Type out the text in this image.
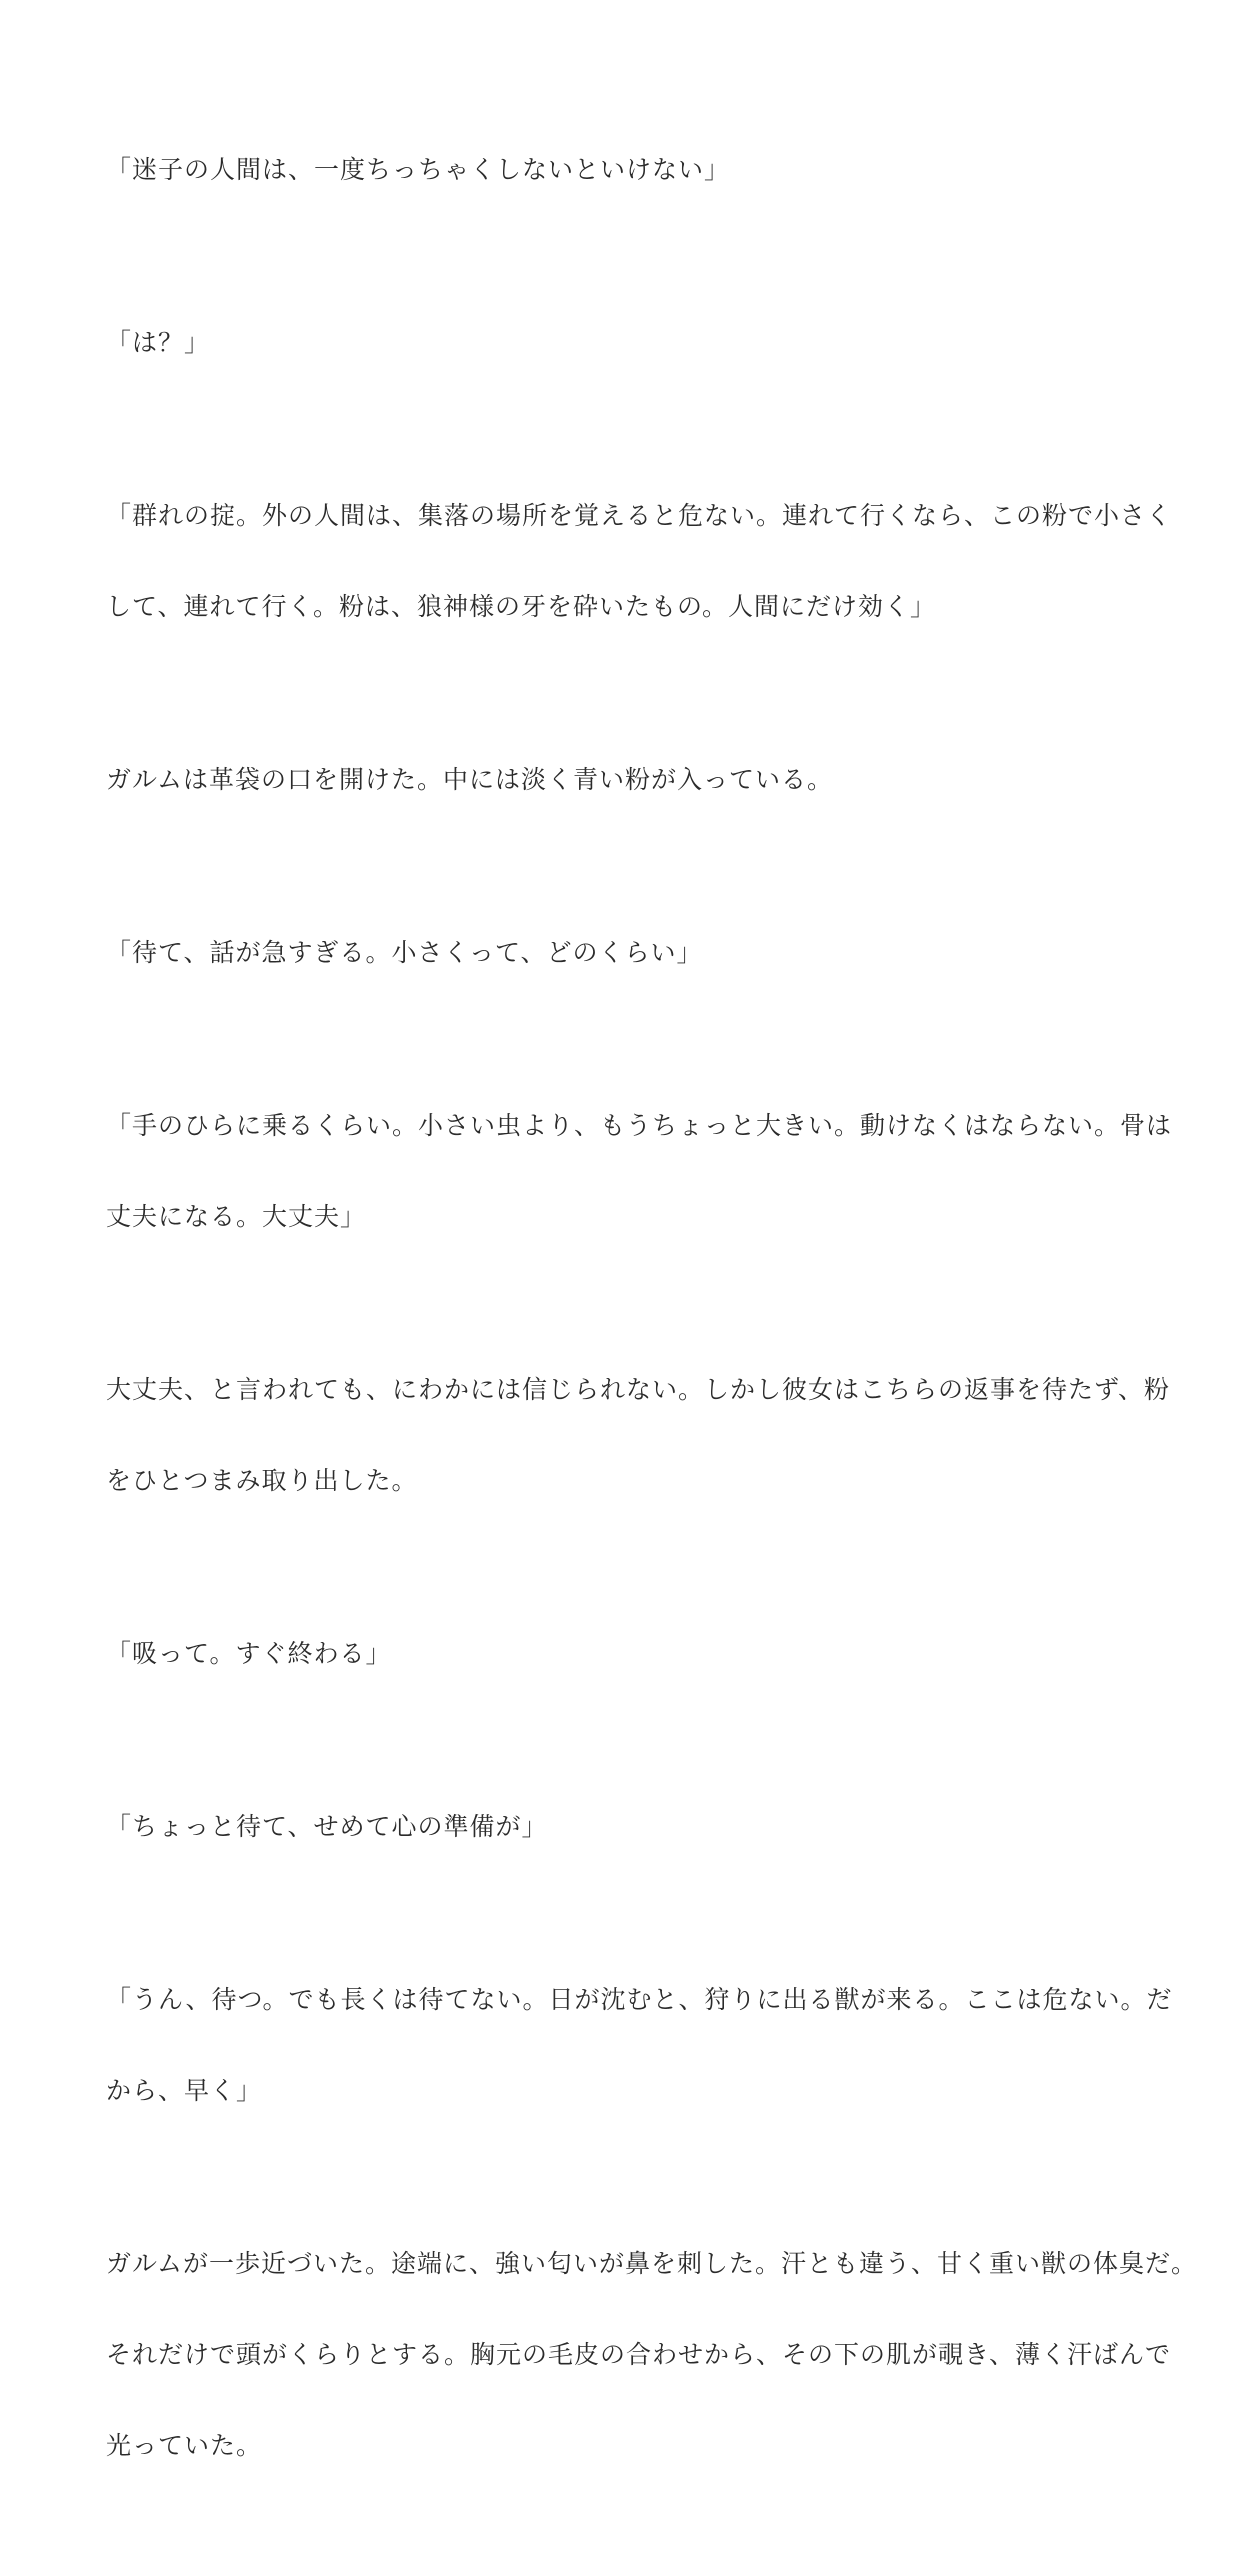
「迷子の人間は、一度ちっちゃくしないといけない」

「は？」

「群れの掟。外の人間は、集落の場所を覚えると危ない。連れて行くなら、この粉で小さく
して、連れて行く。粉は、狼神様の牙を砕いたもの。人間にだけ効く」

ガルムは革袋の口を開けた。中には淡く青い粉が入っている。

「待て、話が急すぎる。小さくって、どのくらい」

「手のひらに乗るくらい。小さい虫より、もうちょっと大きい。動けなくはならない。骨は
丈夫になる。大丈夫」

大丈夫、と言われても、にわかには信じられない。しかし彼女はこちらの返事を待たず、粉
をひとつまみ取り出した。

「吸って。すぐ終わる」

「ちょっと待て、せめて心の準備が」

「うん、待つ。でも長くは待てない。日が沈むと、狩りに出る獣が来る。ここは危ない。だ
から、早く」

ガルムが一歩近づいた。途端に、強い匂いが鼻を刺した。汗とも違う、甘く重い獣の体臭だ。
それだけで頭がくらりとする。胸元の毛皮の合わせから、その下の肌が覗き、薄く汗ばんで
光っていた。
